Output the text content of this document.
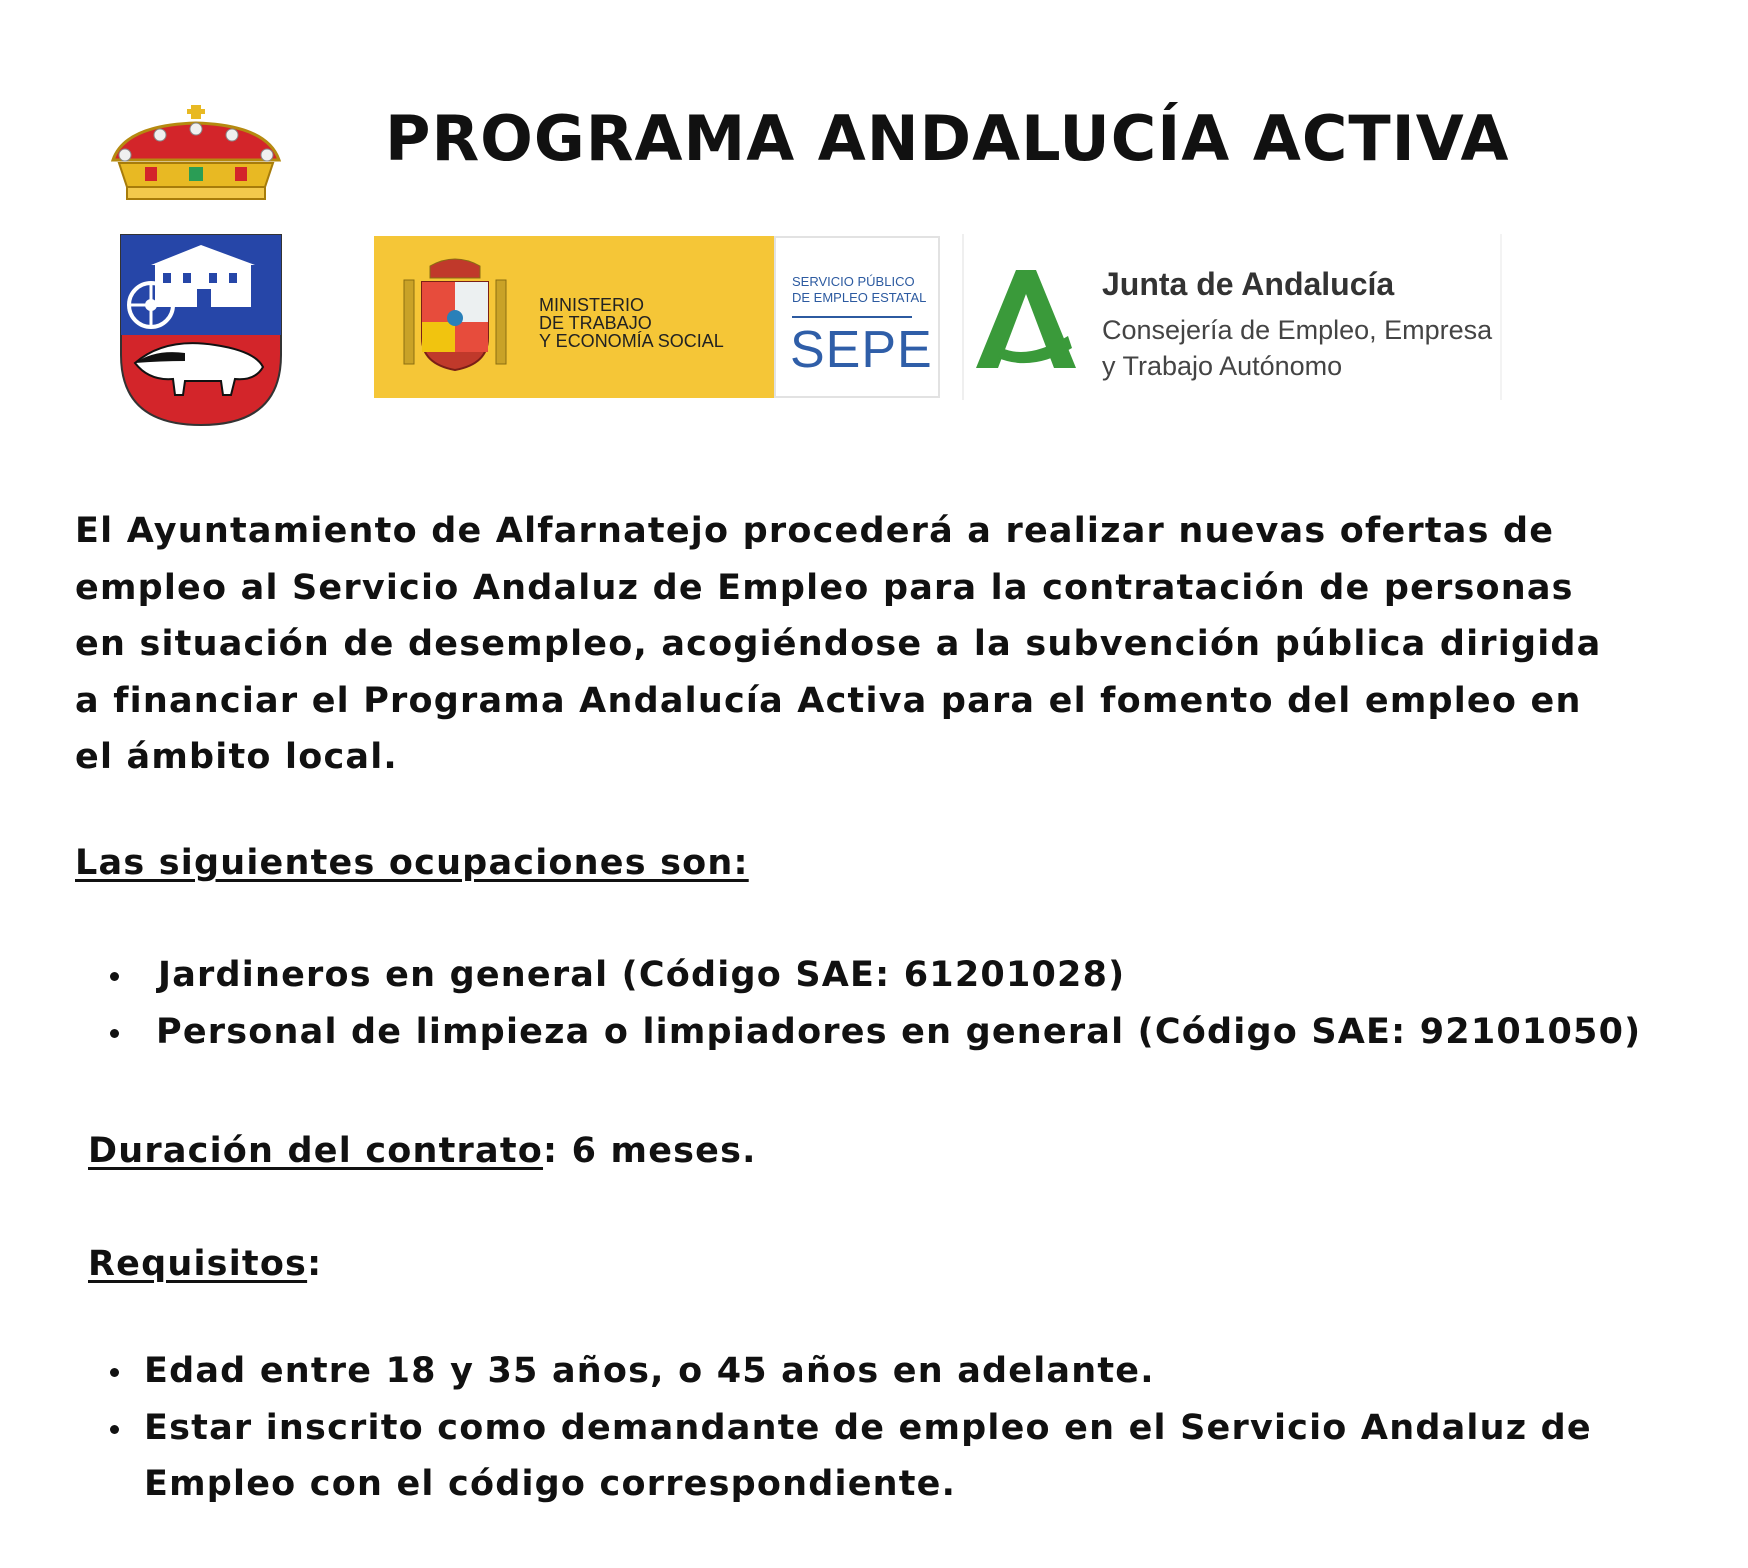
PROGRAMA ANDALUCÍA ACTIVA
MINISTERIO
DE TRABAJO
Y ECONOMÍA SOCIAL
SERVICIO PÚBLICO
DE EMPLEO ESTATAL
SEPE
Junta de Andalucía
Consejería de Empleo, Empresa
y Trabajo Autónomo

El Ayuntamiento de Alfarnatejo procederá a realizar nuevas ofertas de
empleo al Servicio Andaluz de Empleo para la contratación de personas
en situación de desempleo, acogiéndose a la subvención pública dirigida
a financiar el Programa Andalucía Activa para el fomento del empleo en
el ámbito local.

Las siguientes ocupaciones son:

Jardineros en general (Código SAE: 61201028)
Personal de limpieza o limpiadores en general (Código SAE: 92101050)

Duración del contrato: 6 meses.

Requisitos:

Edad entre 18 y 35 años, o 45 años en adelante.
Estar inscrito como demandante de empleo en el Servicio Andaluz de
Empleo con el código correspondiente.
